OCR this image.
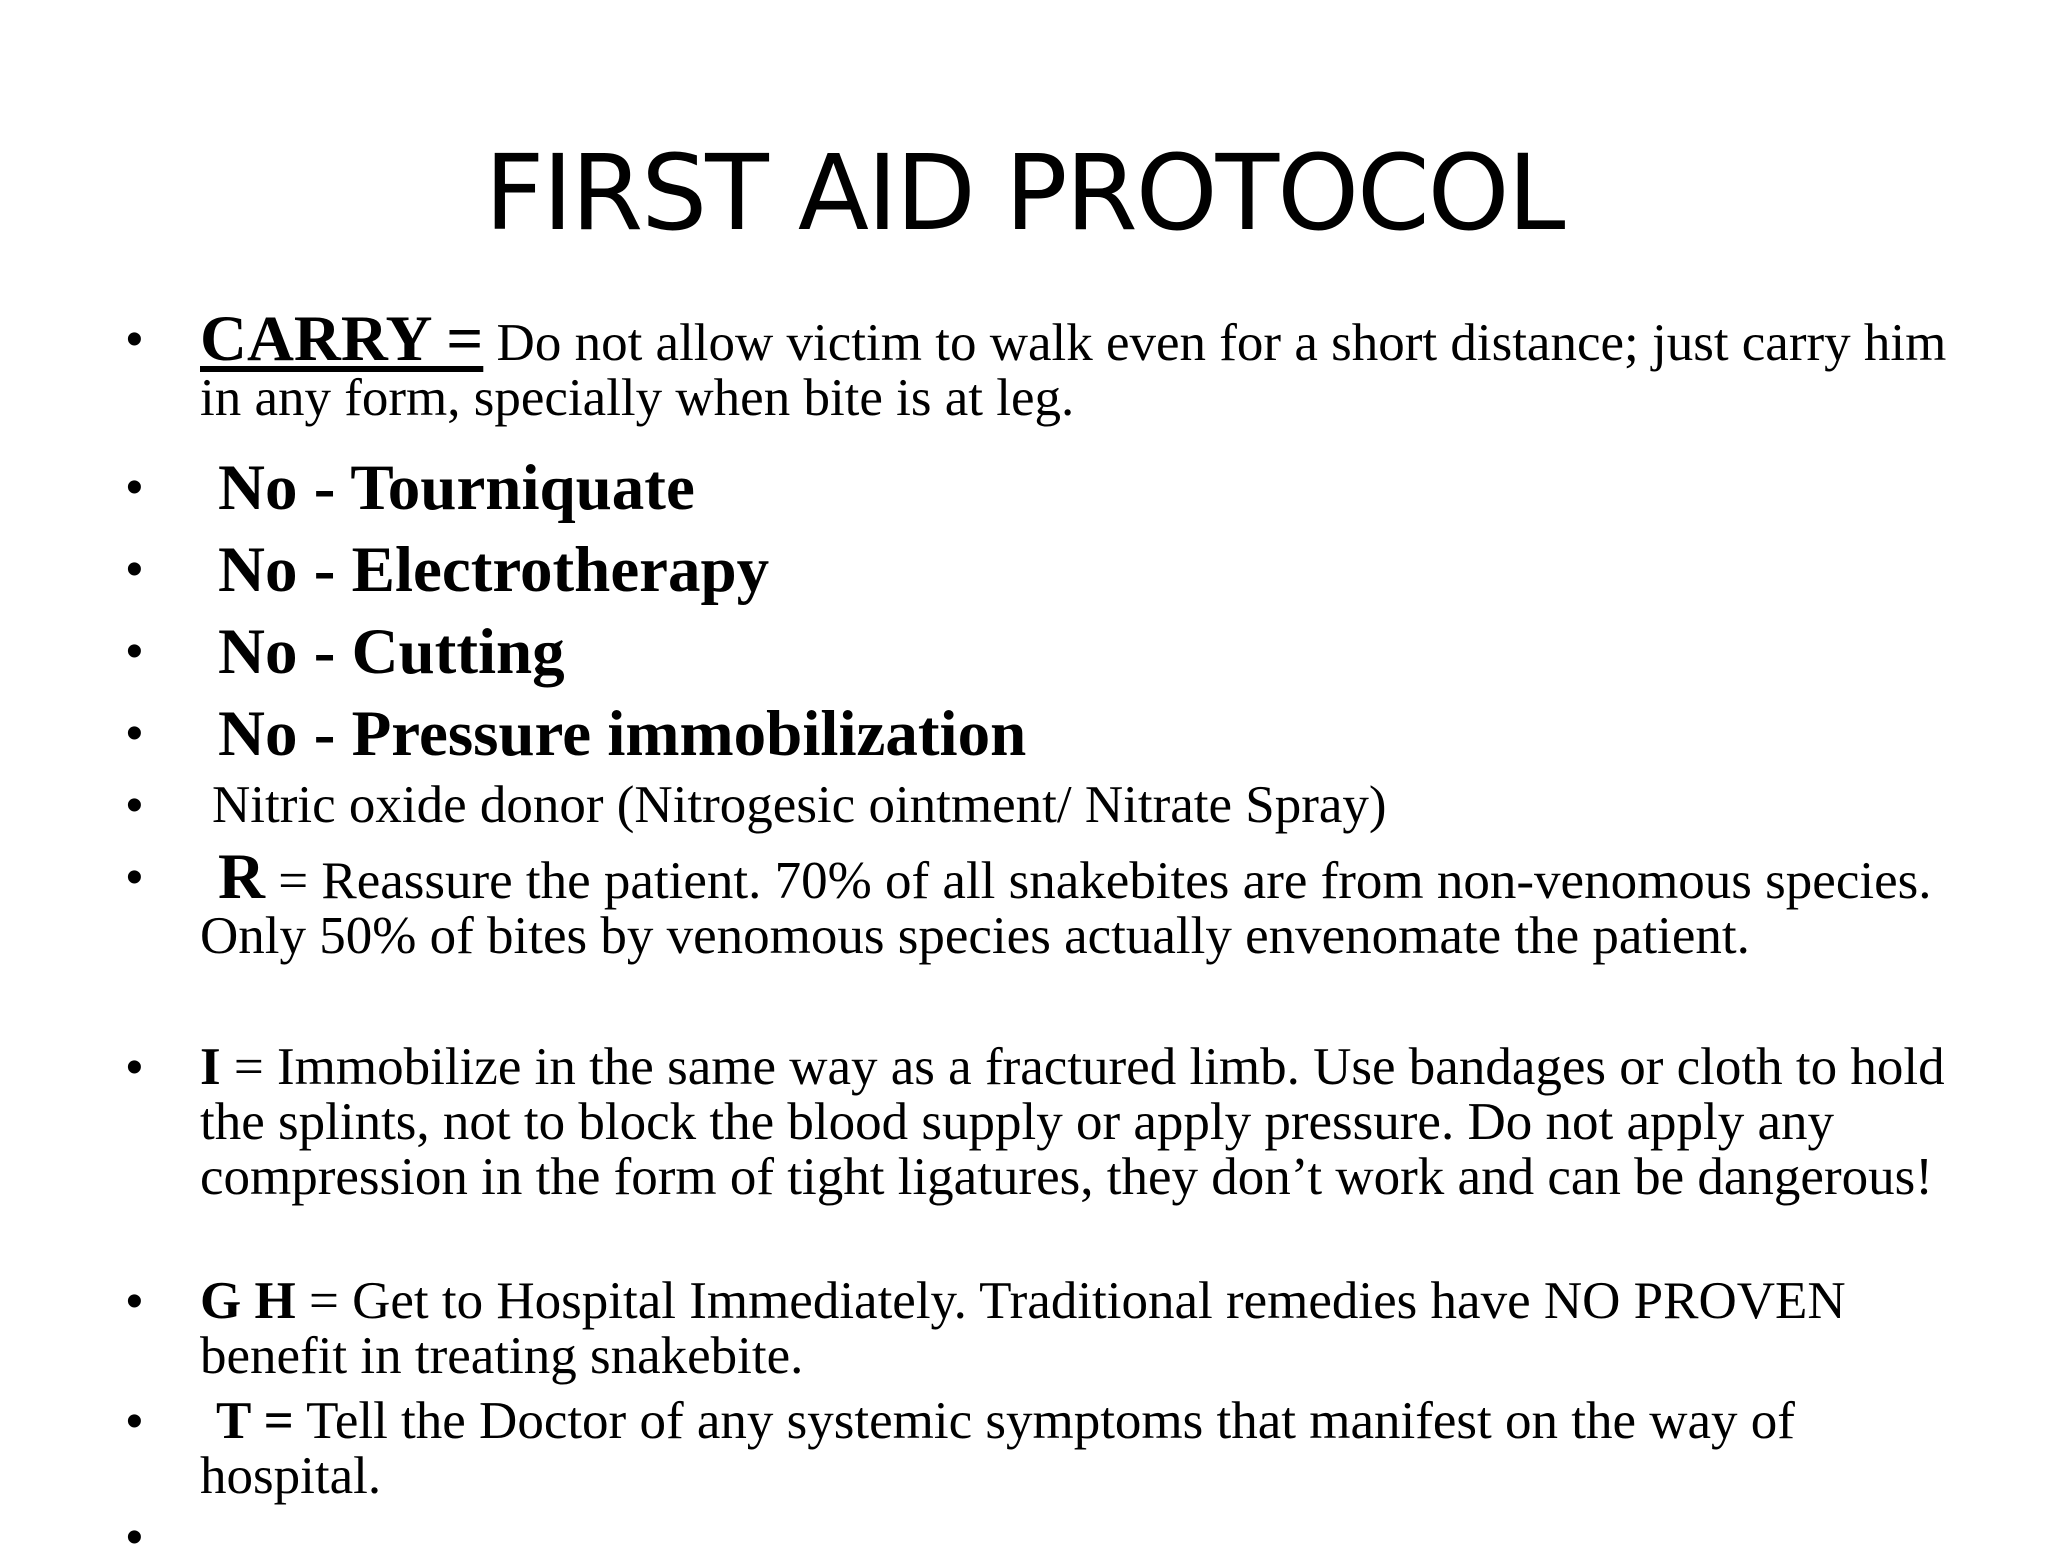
FIRST AID PROTOCOL
• CARRY = Do not allow victim to walk even for a short distance; just carry him in any form, specially when bite is at leg.
• No - Tourniquate
• No - Electrotherapy
• No - Cutting
• No - Pressure immobilization
• Nitric oxide donor (Nitrogesic ointment/ Nitrate Spray)
• R = Reassure the patient. 70% of all snakebites are from non-venomous species. Only 50% of bites by venomous species actually envenomate the patient.
• I = Immobilize in the same way as a fractured limb. Use bandages or cloth to hold the splints, not to block the blood supply or apply pressure. Do not apply any compression in the form of tight ligatures, they don’t work and can be dangerous!
• G H = Get to Hospital Immediately. Traditional remedies have NO PROVEN benefit in treating snakebite.
• T = Tell the Doctor of any systemic symptoms that manifest on the way of hospital.
•
